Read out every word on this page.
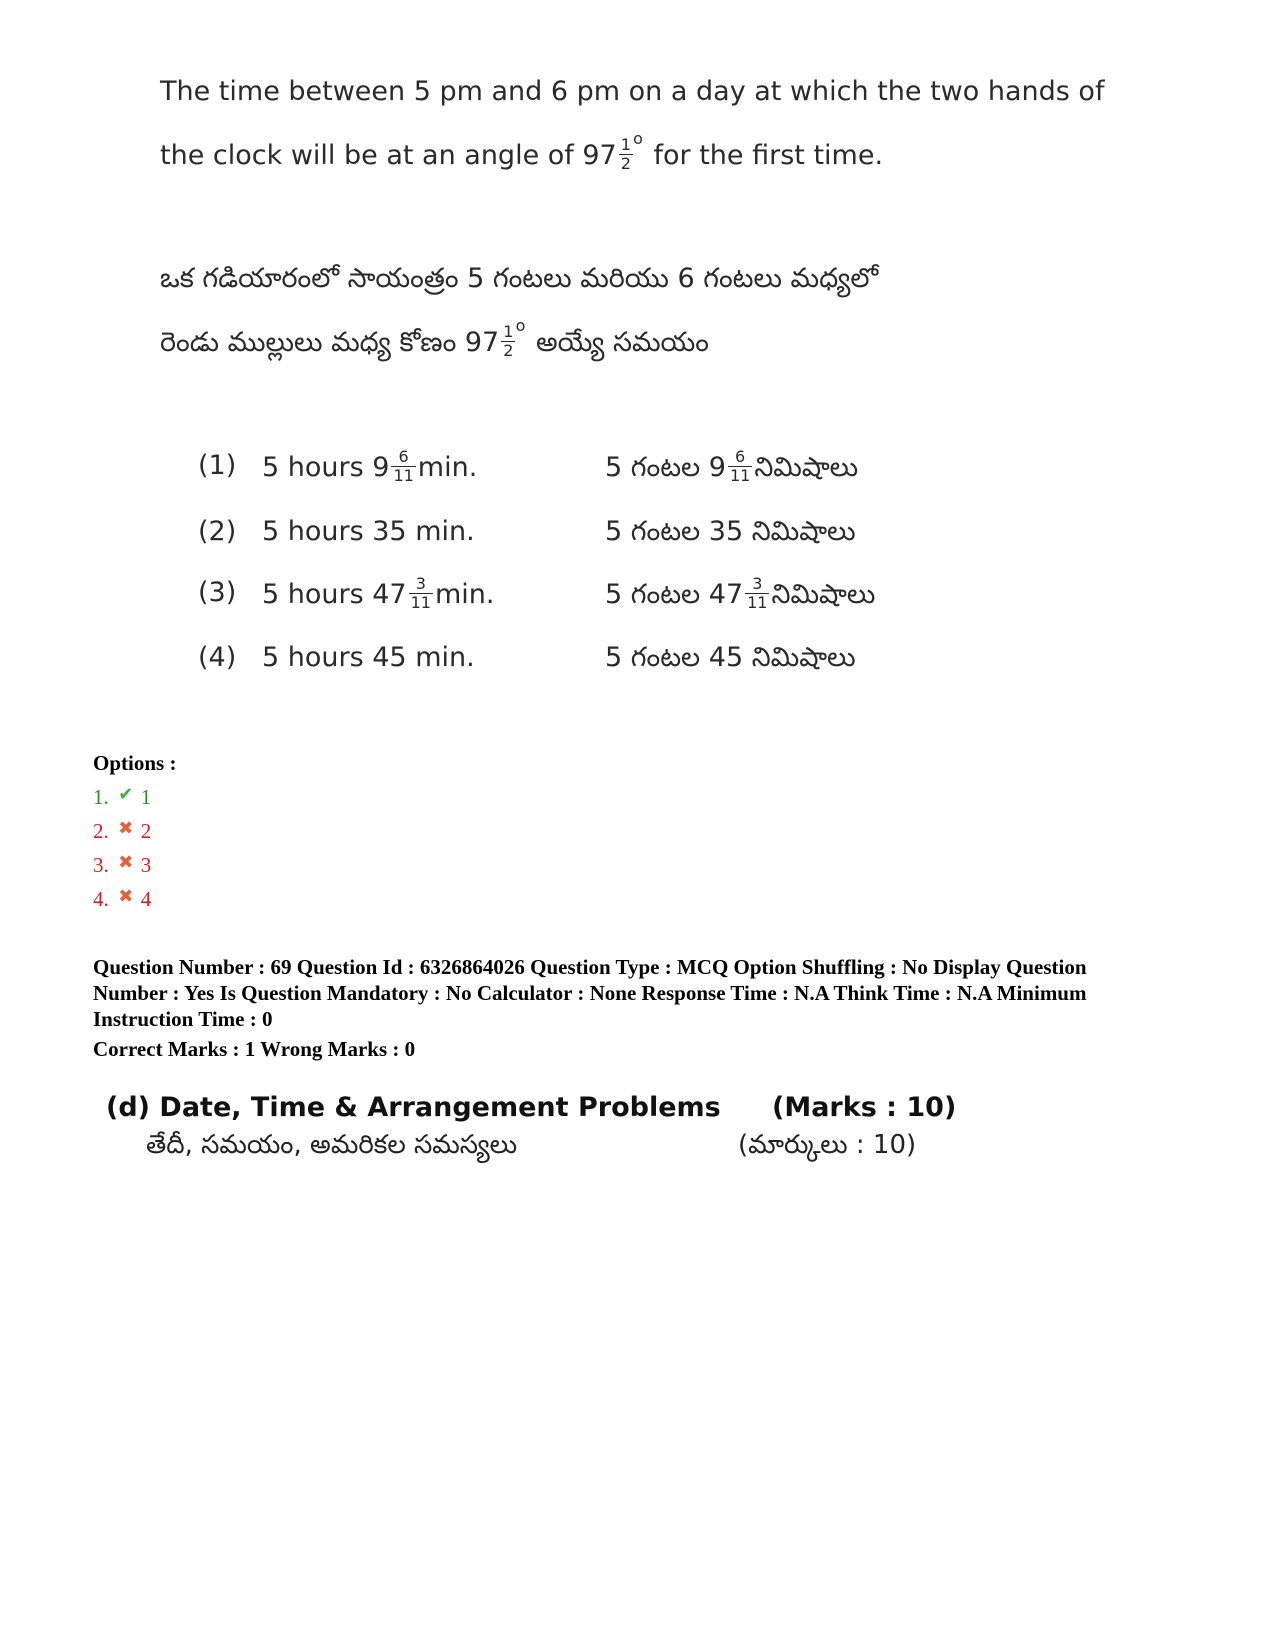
The time between 5 pm and 6 pm on a day at which the two hands of
the clock will be at an angle of 97 1
2
o
for the first time.
ఒక గడియారంలో సాయంత్రం 5 గంటలు మరియు 6 గంటలు మధ్యలో
రెండు ముల్లులు మధ్య కోణం 97 1
2
o
అయ్యే సమయం
(1) 5 hours $9 \frac{6}{11} \min$.	5 గంటల $9 \frac{6}{11}$ నిమిషాలు
(2) 5 hours 35 min.	5 గంటల 35 నిమిషాలు
(3) 5 hours $47 \frac{3}{11} \min$.	5 గంటల $47 \frac{3}{11}$ నిమిషాలు
(4) 5 hours 45 min.	5 గంటల 45 నిమిషాలు
Options :
1. ✔ 1
2. ✖ 2
3. ✖ 3
4. ✖ 4
Question Number : 69 Question Id : 6326864026 Question Type : MCQ Option Shuffling : No Display Question
Number : Yes Is Question Mandatory : No Calculator : None Response Time : N.A Think Time : N.A Minimum
Instruction Time : 0
Correct Marks : 1 Wrong Marks : 0
(d) Date, Time & Arrangement Problems (Marks : 10)
తేదీ, సమయం, అమరికల సమస్యలు	(మార్కులు : 10)
